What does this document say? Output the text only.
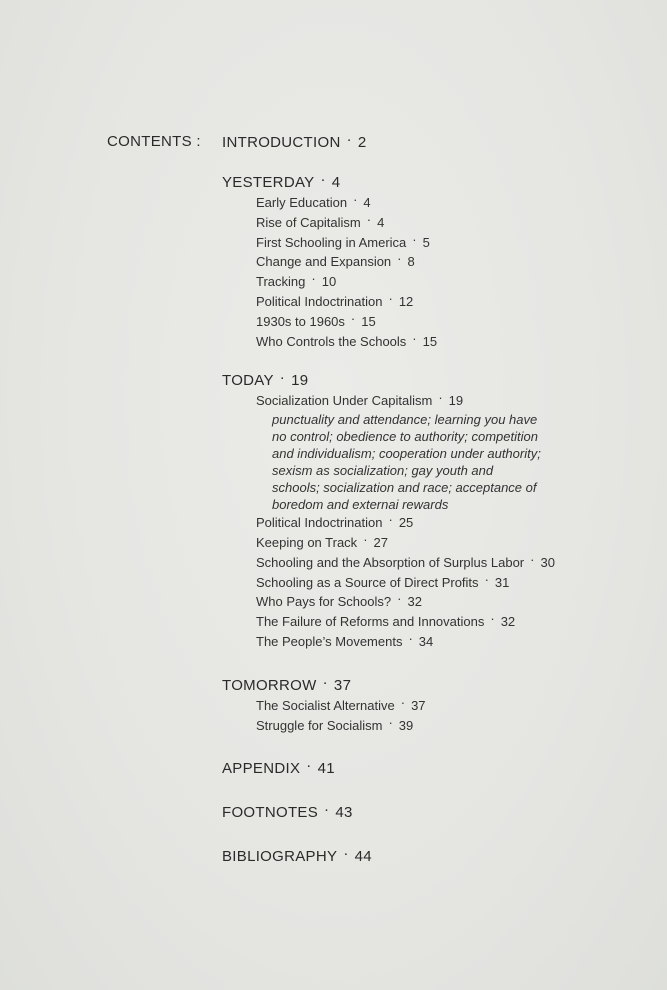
CONTENTS : INTRODUCTION · 2
YESTERDAY · 4
Early Education · 4
Rise of Capitalism · 4
First Schooling in America · 5
Change and Expansion · 8
Tracking · 10
Political Indoctrination · 12
1930s to 1960s · 15
Who Controls the Schools · 15
TODAY · 19
Socialization Under Capitalism · 19
punctuality and attendance; learning you have no control; obedience to authority; competition and individualism; cooperation under authority; sexism as socialization; gay youth and schools; socialization and race; acceptance of boredom and externai rewards
Political Indoctrination · 25
Keeping on Track · 27
Schooling and the Absorption of Surplus Labor · 30
Schooling as a Source of Direct Profits · 31
Who Pays for Schools? · 32
The Failure of Reforms and Innovations · 32
The People’s Movements · 34
TOMORROW · 37
The Socialist Alternative · 37
Struggle for Socialism · 39
APPENDIX · 41
FOOTNOTES · 43
BIBLIOGRAPHY · 44
